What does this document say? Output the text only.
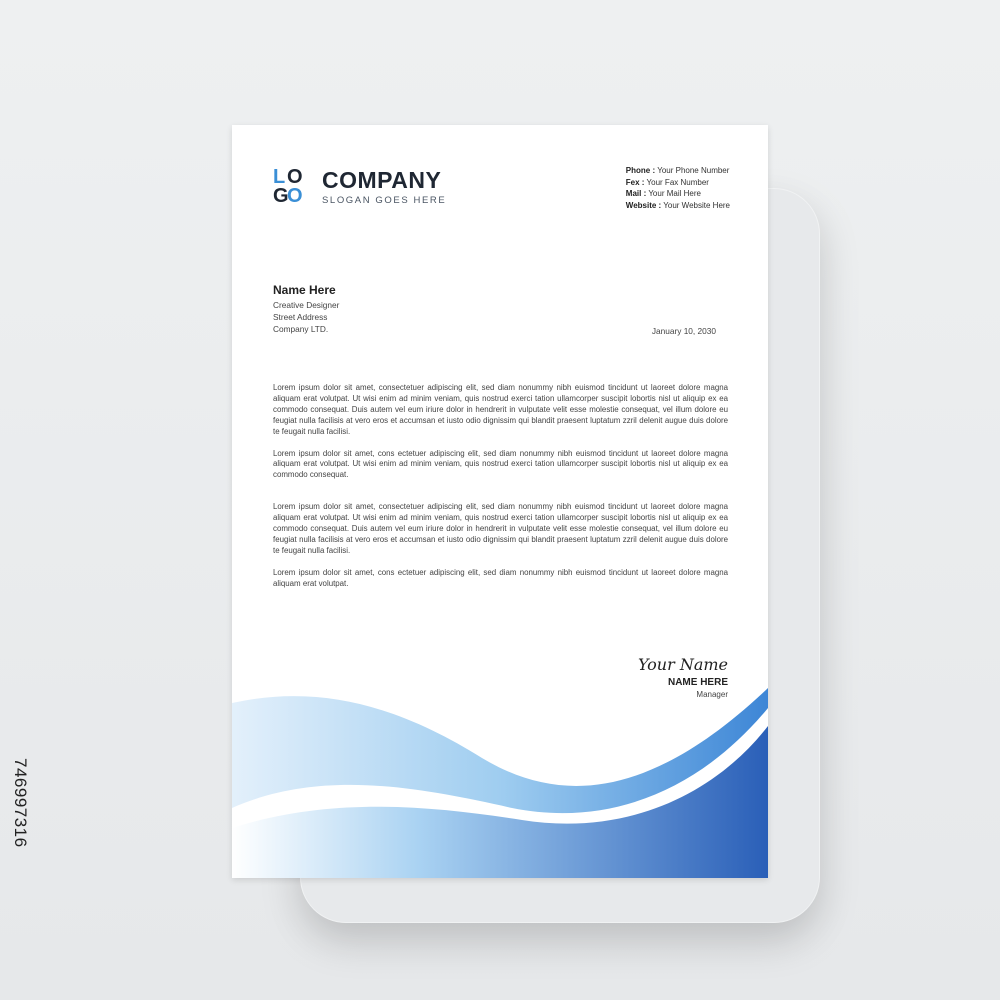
746997316
L O
G
O
COMPANY
SLOGAN GOES HERE
Phone : Your Phone Number
Fex : Your Fax Number
Mail : Your Mail Here
Website : Your Website Here
Name Here
Creative Designer
Street Address
Company LTD.	January 10, 2030

Lorem ipsum dolor sit amet, consectetuer adipiscing elit, sed diam nonummy nibh euismod tincidunt ut laoreet dolore magna aliquam erat volutpat. Ut wisi enim ad minim veniam, quis nostrud exerci tation ullamcorper suscipit lobortis nisl ut aliquip ex ea commodo consequat. Duis autem vel eum iriure dolor in hendrerit in vulputate velit esse molestie consequat, vel illum dolore eu feugiat nulla facilisis at vero eros et accumsan et iusto odio dignissim qui blandit praesent luptatum zzril delenit augue duis dolore te feugait nulla facilisi.

Lorem ipsum dolor sit amet, cons ectetuer adipiscing elit, sed diam nonummy nibh euismod tincidunt ut laoreet dolore magna aliquam erat volutpat. Ut wisi enim ad minim veniam, quis nostrud exerci tation ullamcorper suscipit lobortis nisl ut aliquip ex ea commodo consequat.

Lorem ipsum dolor sit amet, consectetuer adipiscing elit, sed diam nonummy nibh euismod tincidunt ut laoreet dolore magna aliquam erat volutpat. Ut wisi enim ad minim veniam, quis nostrud exerci tation ullamcorper suscipit lobortis nisl ut aliquip ex ea commodo consequat. Duis autem vel eum iriure dolor in hendrerit in vulputate velit esse molestie consequat, vel illum dolore eu feugiat nulla facilisis at vero eros et accumsan et iusto odio dignissim qui blandit praesent luptatum zzril delenit augue duis dolore te feugait nulla facilisi.

Lorem ipsum dolor sit amet, cons ectetuer adipiscing elit, sed diam nonummy nibh euismod tincidunt ut laoreet dolore magna aliquam erat volutpat.

Your Name
NAME HERE
Manager
